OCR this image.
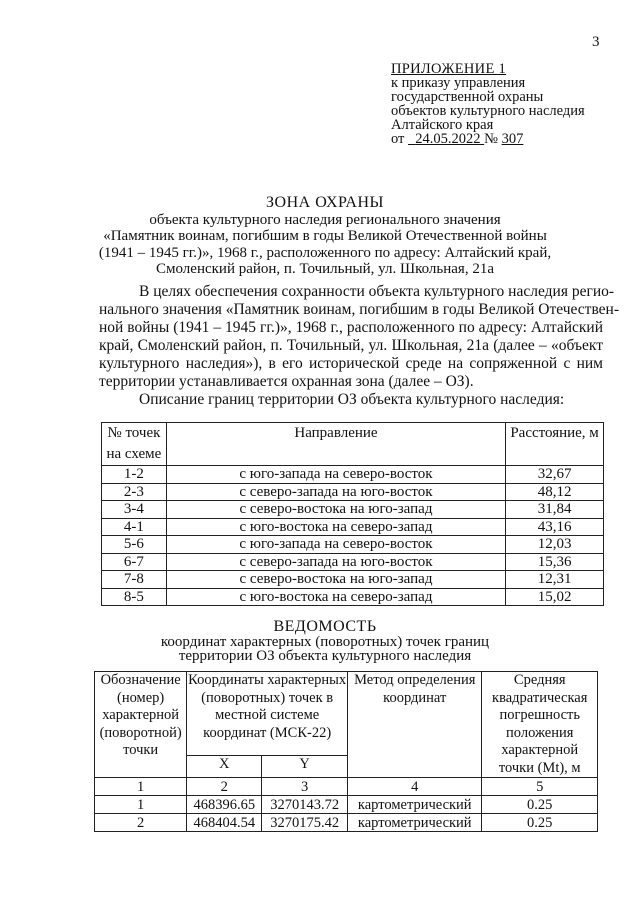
3
ПРИЛОЖЕНИЕ 1
к приказу управления
государственной охраны
объектов культурного наследия
Алтайского края
от 24.05.2022 № 307
ЗОНА ОХРАНЫ
объекта культурного наследия регионального значения
«Памятник воинам, погибшим в годы Великой Отечественной войны
(1941 – 1945 гг.)», 1968 г., расположенного по адресу: Алтайский край,
Смоленский район, п. Точильный, ул. Школьная, 21а
В целях обеспечения сохранности объекта культурного наследия регио-
нального значения «Памятник воинам, погибшим в годы Великой Отечествен-
ной войны (1941 – 1945 гг.)», 1968 г., расположенного по адресу: Алтайский
край, Смоленский район, п. Точильный, ул. Школьная, 21а (далее – «объект
культурного наследия»), в его исторической среде на сопряженной с ним
территории устанавливается охранная зона (далее – ОЗ).
Описание границ территории ОЗ объекта культурного наследия:
№ точек на схеме	Направление	Расстояние, м
1-2	с юго-запада на северо-восток	32,67
2-3	с северо-запада на юго-восток	48,12
3-4	с северо-востока на юго-запад	31,84
4-1	с юго-востока на северо-запад	43,16
5-6	с юго-запада на северо-восток	12,03
6-7	с северо-запада на юго-восток	15,36
7-8	с северо-востока на юго-запад	12,31
8-5	с юго-востока на северо-запад	15,02
ВЕДОМОСТЬ
координат характерных (поворотных) точек границ
территории ОЗ объекта культурного наследия
Обозначение (номер) характерной (поворотной) точки	Координаты характерных (поворотных) точек в местной системе координат (МСК-22)		Метод определения координат	Средняя квадратическая погрешность положения характерной точки (Mt), м
	X	Y		
1	2	3	4	5
1	468396.65	3270143.72	картометрический	0.25
2	468404.54	3270175.42	картометрический	0.25
